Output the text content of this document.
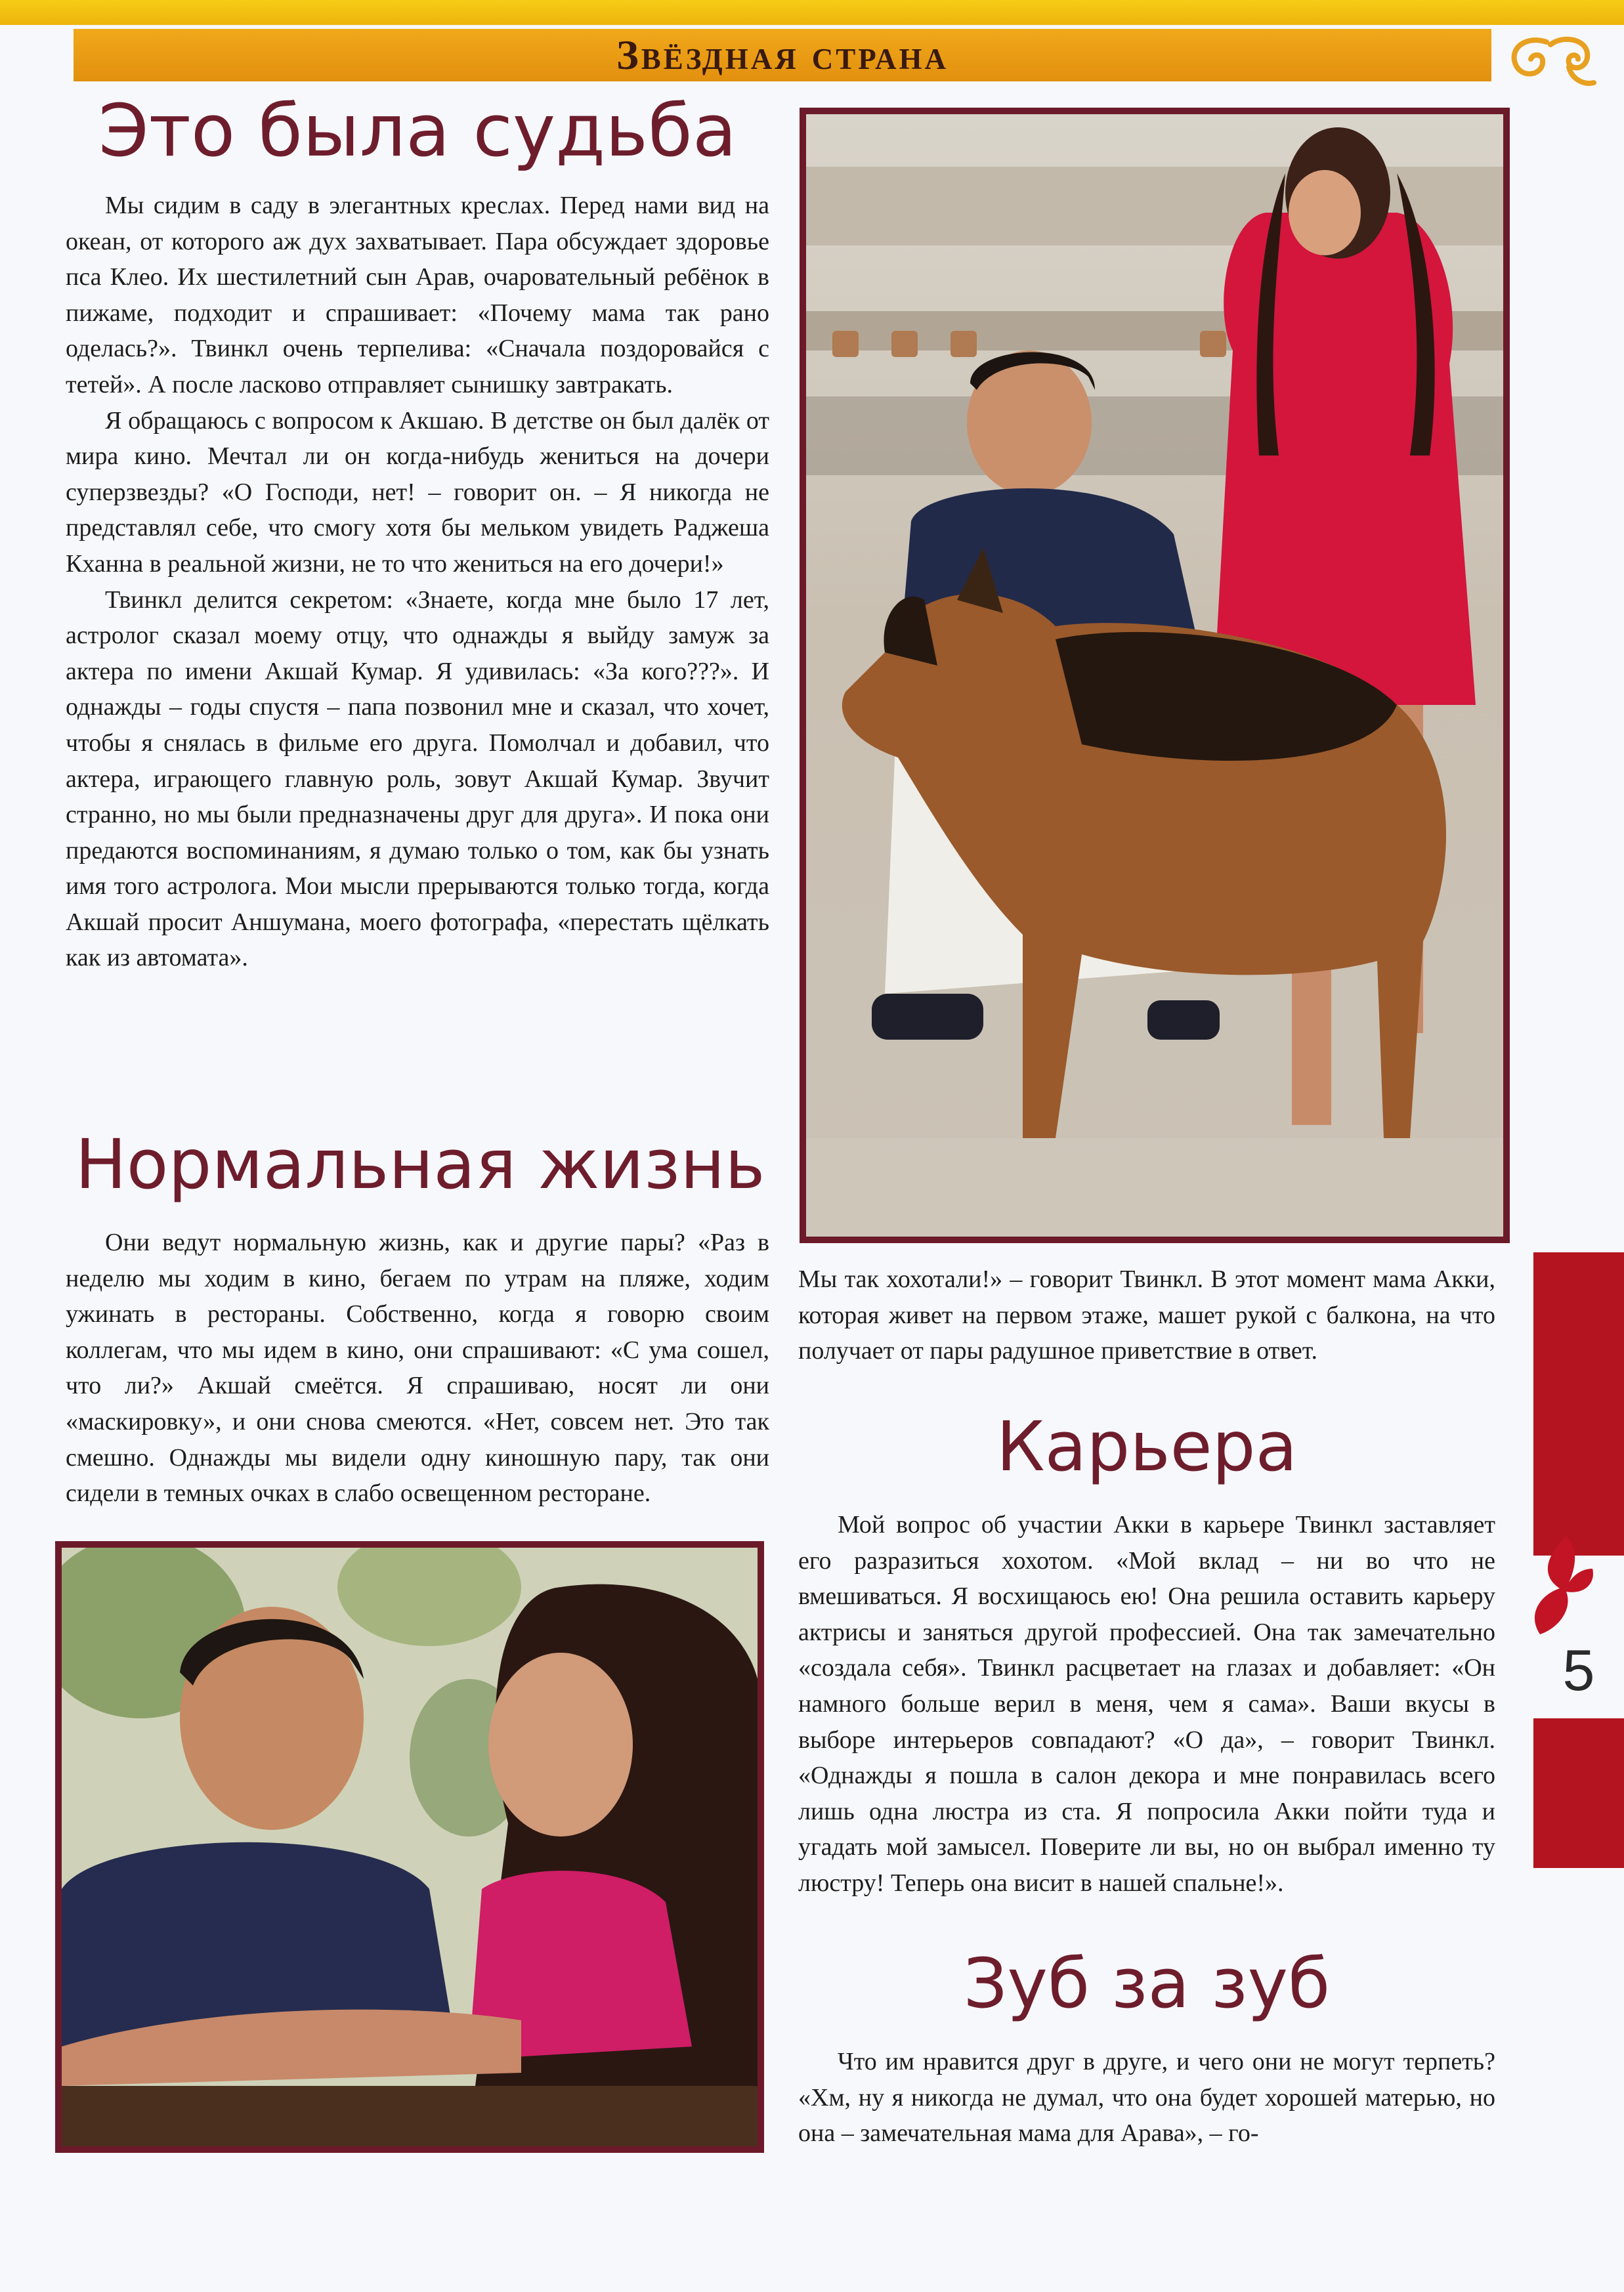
Звёздная страна
Это была судьба

Мы сидим в саду в элегантных креслах. Перед нами вид на океан, от которого аж дух захватывает. Пара обсуждает здоровье пса Клео. Их шестилетний сын Арав, очаровательный ребёнок в пижаме, подходит и спрашивает: «Почему мама так рано оделась?». Твинкл очень терпелива: «Сначала поздоровайся с тетей». А после ласково отправляет сынишку завтракать.

Я обращаюсь с вопросом к Акшаю. В детстве он был далёк от мира кино. Мечтал ли он когда-нибудь жениться на дочери суперзвезды? «О Господи, нет! – говорит он. – Я никогда не представлял себе, что смогу хотя бы мельком увидеть Раджеша Кханна в реальной жизни, не то что жениться на его дочери!»

Твинкл делится секретом: «Знаете, когда мне было 17 лет, астролог сказал моему отцу, что однажды я выйду замуж за актера по имени Акшай Кумар. Я удивилась: «За кого???». И однажды – годы спустя – папа позвонил мне и сказал, что хочет, чтобы я снялась в фильме его друга. Помолчал и добавил, что актера, играющего главную роль, зовут Акшай Кумар. Звучит странно, но мы были предназначены друг для друга». И пока они предаются воспоминаниям, я думаю только о том, как бы узнать имя того астролога. Мои мысли прерываются только тогда, когда Акшай просит Аншумана, моего фотографа, «перестать щёлкать как из автомата».

Нормальная жизнь

Они ведут нормальную жизнь, как и другие пары? «Раз в неделю мы ходим в кино, бегаем по утрам на пляже, ходим ужинать в рестораны. Собственно, когда я говорю своим коллегам, что мы идем в кино, они спрашивают: «С ума сошел, что ли?» Акшай смеётся. Я спрашиваю, носят ли они «маскировку», и они снова смеются. «Нет, совсем нет. Это так смешно. Однажды мы видели одну киношную пару, так они сидели в темных очках в слабо освещенном ресторане.

Мы так хохотали!» – говорит Твинкл. В этот момент мама Акки, которая живет на первом этаже, машет рукой с балкона, на что получает от пары радушное приветствие в ответ.

Карьера

Мой вопрос об участии Акки в карьере Твинкл заставляет его разразиться хохотом. «Мой вклад – ни во что не вмешиваться. Я восхищаюсь ею! Она решила оставить карьеру актрисы и заняться другой профессией. Она так замечательно «создала себя». Твинкл расцветает на глазах и добавляет: «Он намного больше верил в меня, чем я сама». Ваши вкусы в выборе интерьеров совпадают? «О да», – говорит Твинкл. «Однажды я пошла в салон декора и мне понравилась всего лишь одна люстра из ста. Я попросила Акки пойти туда и угадать мой замысел. Поверите ли вы, но он выбрал именно ту люстру! Теперь она висит в нашей спальне!».

Зуб за зуб

Что им нравится друг в друге, и чего они не могут терпеть? «Хм, ну я никогда не думал, что она будет хорошей матерью, но она – замечательная мама для Арава», – го-

5
